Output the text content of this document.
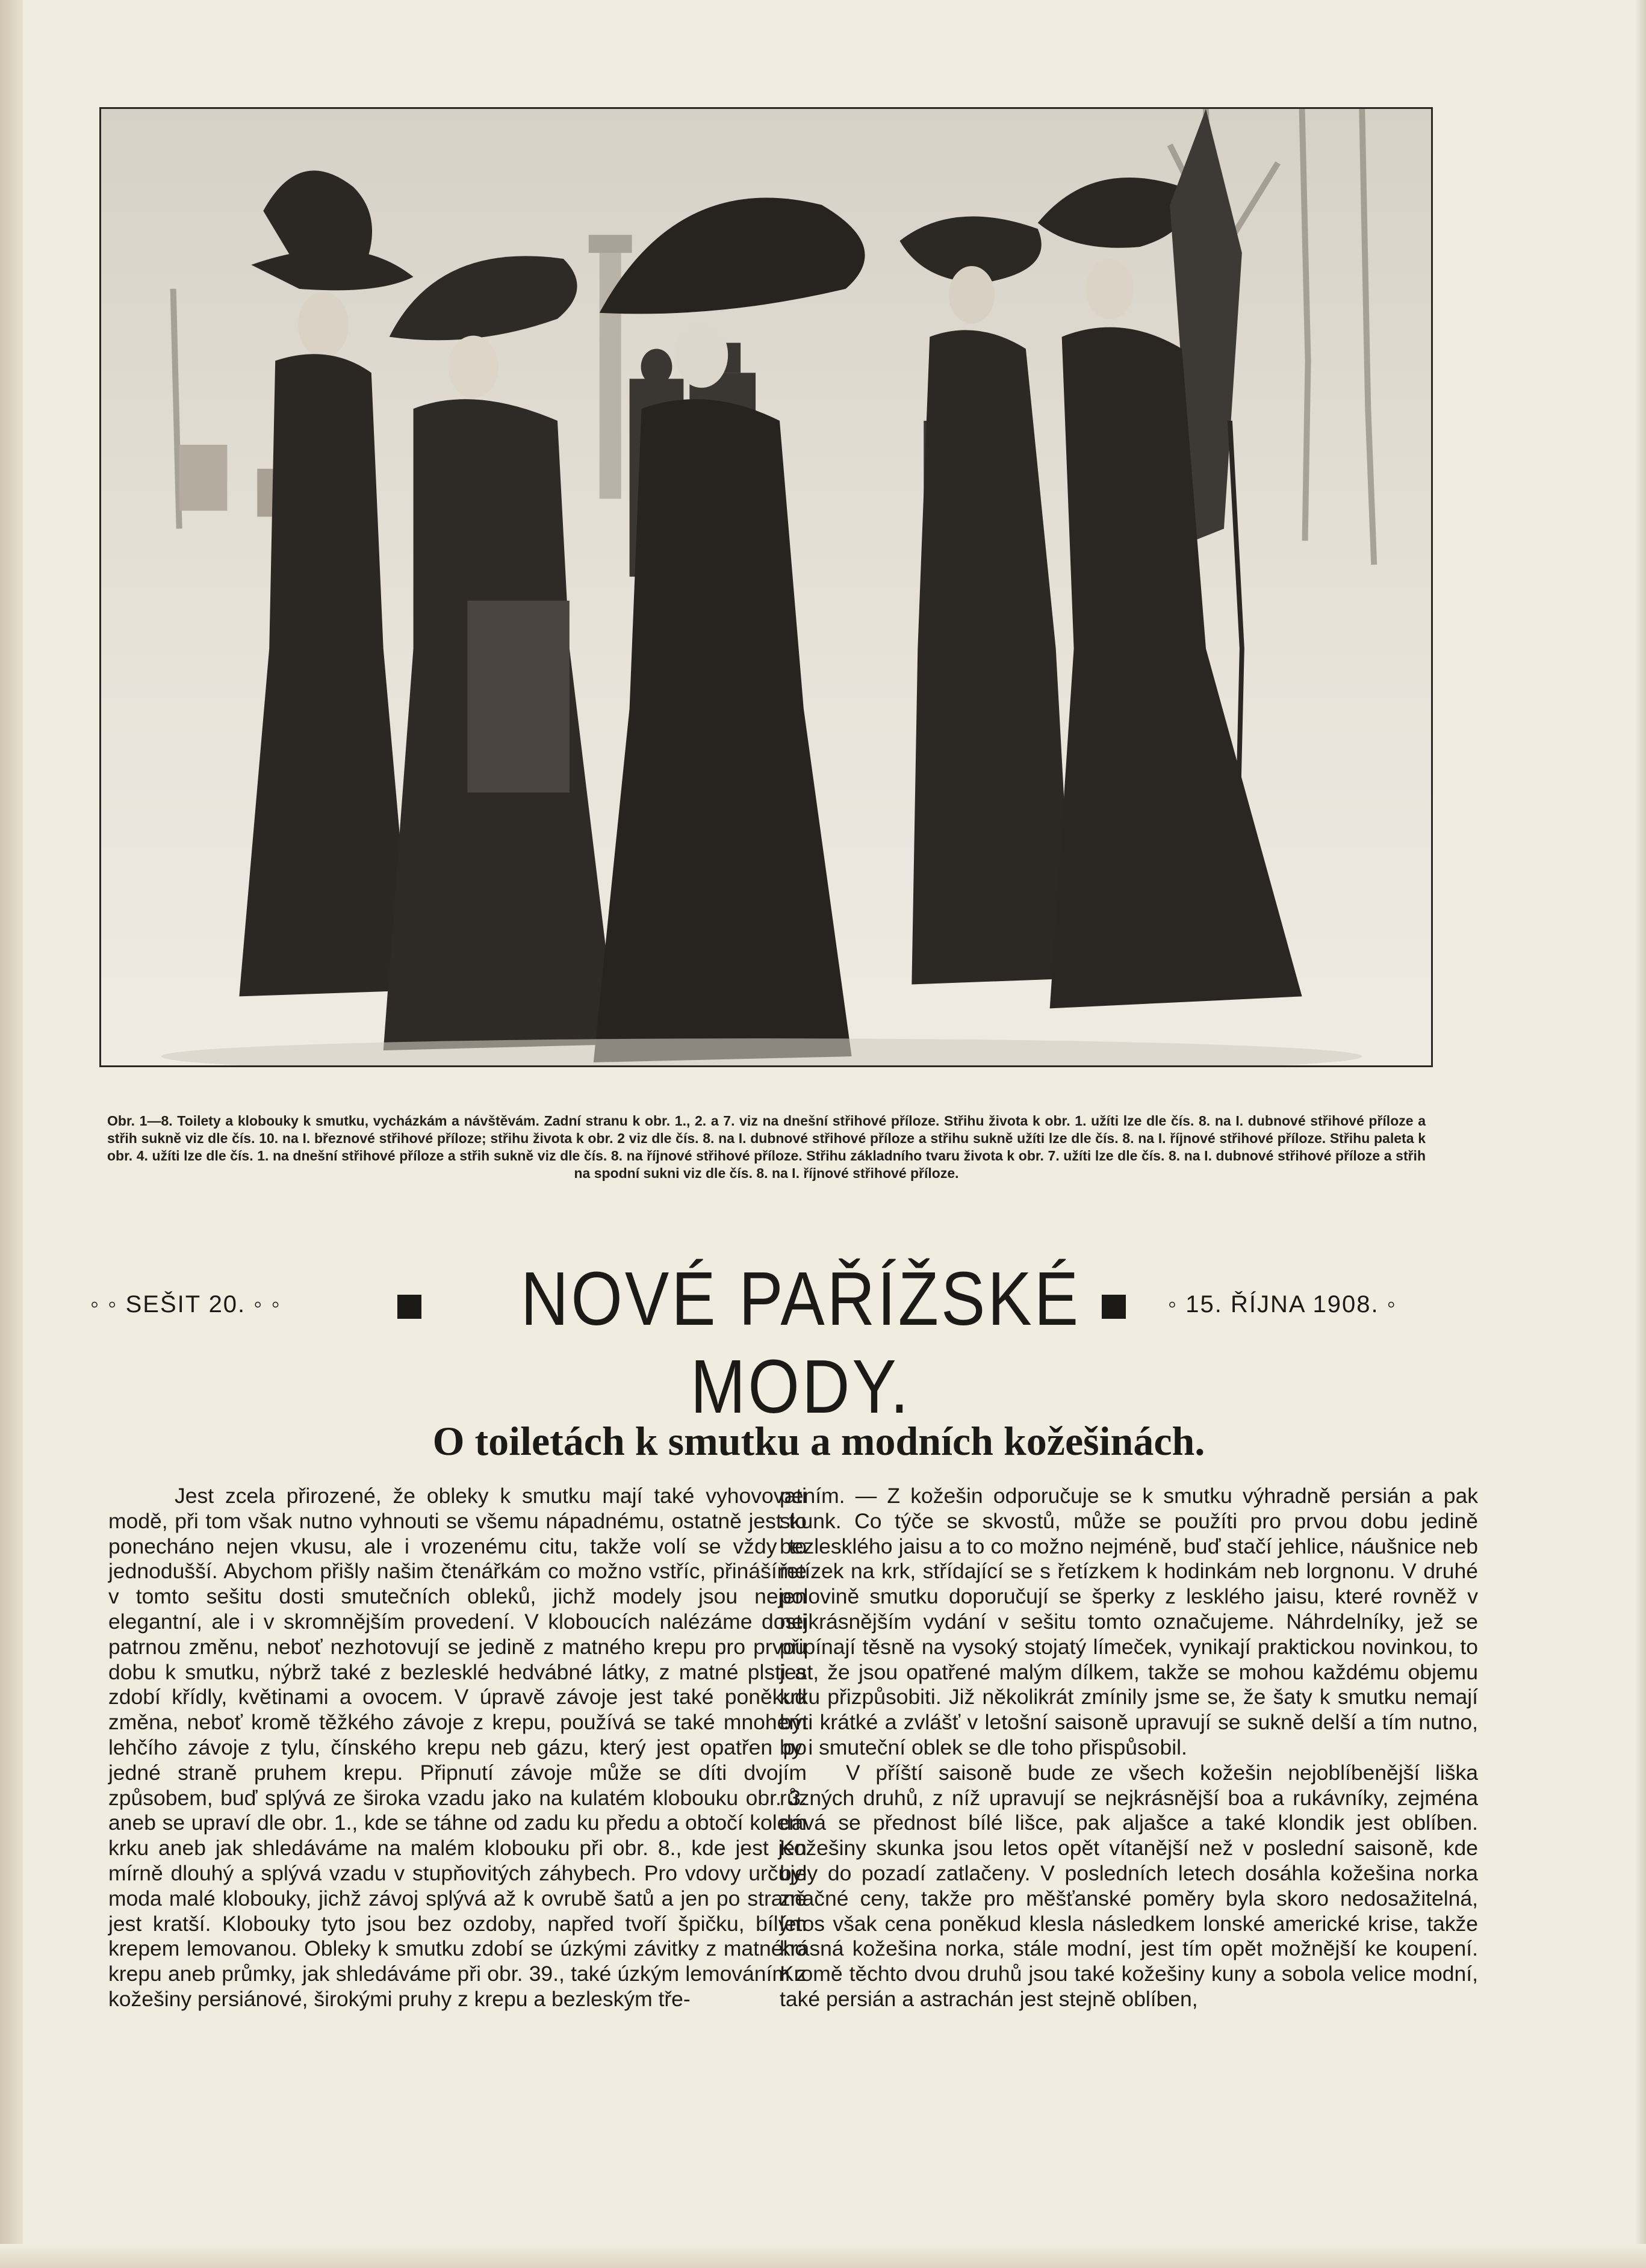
Obr. 1—8. Toilety a klobouky k smutku, vycházkám a návštěvám. Zadní stranu k obr. 1., 2. a 7. viz na dnešní střihové příloze. Střihu života k obr. 1. užíti lze dle čís. 8. na I. dubnové střihové příloze a střih sukně viz dle čís. 10. na I. březnové střihové příloze; střihu života k obr. 2 viz dle čís. 8. na I. dubnové střihové příloze a střihu sukně užíti lze dle čís. 8. na I. říjnové střihové příloze. Střihu paleta k obr. 4. užíti lze dle čís. 1. na dnešní střihové příloze a střih sukně viz dle čís. 8. na říjnové střihové příloze. Střihu základního tvaru života k obr. 7. užíti lze dle čís. 8. na I. dubnové střihové příloze a střih na spodní sukni viz dle čís. 8. na I. říjnové střihové příloze.
◦ ◦ SEŠIT 20. ◦ ◦	NOVÉ PAŘÍŽSKÉ MODY.
◦ 15. ŘÍJNA 1908. ◦
O toiletách k smutku a modních kožešinách.

Jest zcela přirozené, že obleky k smutku mají také vyhovovati modě, při tom však nutno vyhnouti se všemu nápadnému, ostatně jest to ponecháno nejen vkusu, ale i vrozenému citu, takže volí se vždy to jednodušší. Abychom přišly našim čtenářkám co možno vstříc, přinášíme v tomto sešitu dosti smutečních obleků, jichž modely jsou nejen elegantní, ale i v skromnějším provedení. V kloboucích nalézáme dosti patrnou změnu, neboť nezhotovují se jedině z matného krepu pro prvou dobu k smutku, nýbrž také z bezlesklé hedvábné látky, z matné plsti a zdobí křídly, květinami a ovocem. V úpravě závoje jest také poněkud změna, neboť kromě těžkého závoje z krepu, používá se také mnohem lehčího závoje z tylu, čínského krepu neb gázu, který jest opatřen po jedné straně pruhem krepu. Připnutí závoje může se díti dvojím způsobem, buď splývá ze široka vzadu jako na kulatém klobouku obr. 3. aneb se upraví dle obr. 1., kde se táhne od zadu ku předu a obtočí kolem krku aneb jak shledáváme na malém klobouku při obr. 8., kde jest jen mírně dlouhý a splývá vzadu v stupňovitých záhybech. Pro vdovy určuje moda malé klobouky, jichž závoj splývá až k ovrubě šatů a jen po straně jest kratší. Klobouky tyto jsou bez ozdoby, napřed tvoří špičku, bílým krepem lemovanou. Obleky k smutku zdobí se úzkými závitky z matného krepu aneb průmky, jak shledáváme při obr. 39., také úzkým lemováním z kožešiny persiánové, širokými pruhy z krepu a bezleským tře-

pením. — Z kožešin odporučuje se k smutku výhradně persián a pak skunk. Co týče se skvostů, může se použíti pro prvou dobu jedině bezlesklého jaisu a to co možno nejméně, buď stačí jehlice, náušnice neb řetízek na krk, střídající se s řetízkem k hodinkám neb lorgnonu. V druhé polovině smutku doporučují se šperky z lesklého jaisu, které rovněž v nejkrásnějším vydání v sešitu tomto označujeme. Náhrdelníky, jež se připínají těsně na vysoký stojatý límeček, vynikají praktickou novinkou, to jest, že jsou opatřené malým dílkem, takže se mohou každému objemu krku přizpůsobiti. Již několikrát zmínily jsme se, že šaty k smutku nemají býti krátké a zvlášť v letošní saisoně upravují se sukně delší a tím nutno, by i smuteční oblek se dle toho přispůsobil.

V příští saisoně bude ze všech kožešin nejoblíbenější liška různých druhů, z níž upravují se nejkrásnější boa a rukávníky, zejména dává se přednost bílé lišce, pak aljašce a také klondik jest oblíben. Kožešiny skunka jsou letos opět vítanější než v poslední saisoně, kde byly do pozadí zatlačeny. V posledních letech dosáhla kožešina norka značné ceny, takže pro měšťanské poměry byla skoro nedosažitelná, letos však cena poněkud klesla následkem lonské americké krise, takže krásná kožešina norka, stále modní, jest tím opět možnější ke koupení. Kromě těchto dvou druhů jsou také kožešiny kuny a sobola velice modní, také persián a astrachán jest stejně oblíben,
